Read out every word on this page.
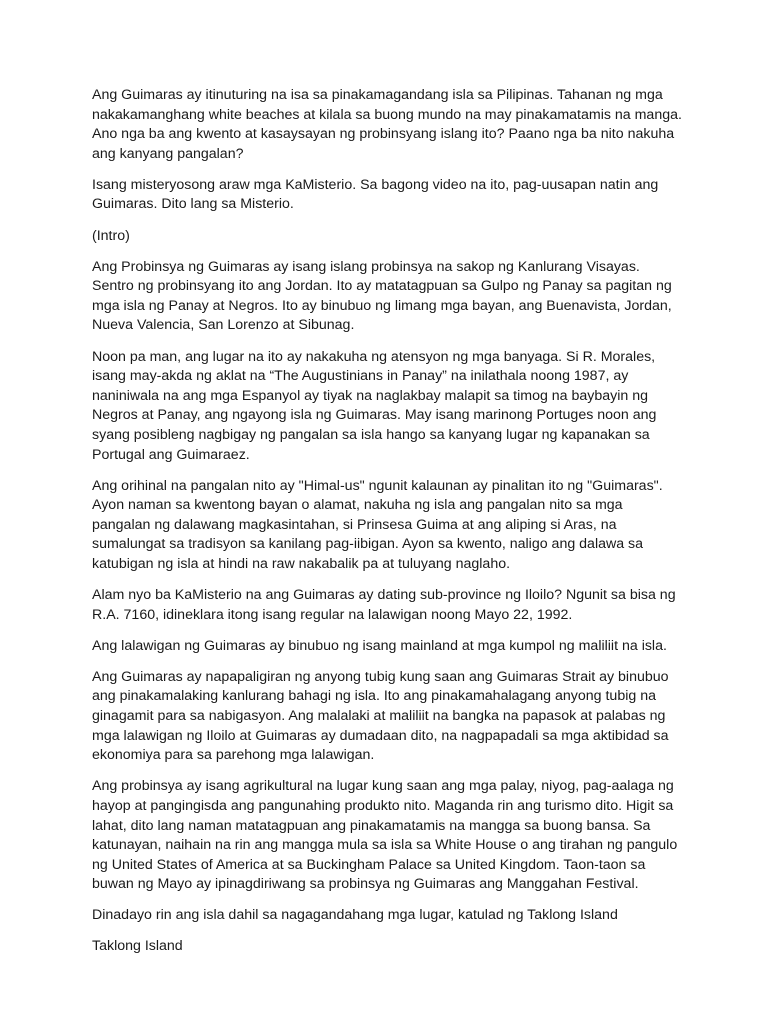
Ang Guimaras ay itinuturing na isa sa pinakamagandang isla sa Pilipinas. Tahanan ng mga nakakamanghang white beaches at kilala sa buong mundo na may pinakamatamis na manga. Ano nga ba ang kwento at kasaysayan ng probinsyang islang ito? Paano nga ba nito nakuha ang kanyang pangalan?

Isang misteryosong araw mga KaMisterio. Sa bagong video na ito, pag-uusapan natin ang Guimaras. Dito lang sa Misterio.

(Intro)

Ang Probinsya ng Guimaras ay isang islang probinsya na sakop ng Kanlurang Visayas. Sentro ng probinsyang ito ang Jordan. Ito ay matatagpuan sa Gulpo ng Panay sa pagitan ng mga isla ng Panay at Negros. Ito ay binubuo ng limang mga bayan, ang Buenavista, Jordan, Nueva Valencia, San Lorenzo at Sibunag.

Noon pa man, ang lugar na ito ay nakakuha ng atensyon ng mga banyaga. Si R. Morales, isang may-akda ng aklat na “The Augustinians in Panay” na inilathala noong 1987, ay naniniwala na ang mga Espanyol ay tiyak na naglakbay malapit sa timog na baybayin ng Negros at Panay, ang ngayong isla ng Guimaras. May isang marinong Portuges noon ang syang posibleng nagbigay ng pangalan sa isla hango sa kanyang lugar ng kapanakan sa Portugal ang Guimaraez.

Ang orihinal na pangalan nito ay "Himal-us" ngunit kalaunan ay pinalitan ito ng "Guimaras". Ayon naman sa kwentong bayan o alamat, nakuha ng isla ang pangalan nito sa mga pangalan ng dalawang magkasintahan, si Prinsesa Guima at ang aliping si Aras, na sumalungat sa tradisyon sa kanilang pag-iibigan. Ayon sa kwento, naligo ang dalawa sa katubigan ng isla at hindi na raw nakabalik pa at tuluyang naglaho.

Alam nyo ba KaMisterio na ang Guimaras ay dating sub-province ng Iloilo? Ngunit sa bisa ng R.A. 7160, idineklara itong isang regular na lalawigan noong Mayo 22, 1992.

Ang lalawigan ng Guimaras ay binubuo ng isang mainland at mga kumpol ng maliliit na isla.

Ang Guimaras ay napapaligiran ng anyong tubig kung saan ang Guimaras Strait ay binubuo ang pinakamalaking kanlurang bahagi ng isla. Ito ang pinakamahalagang anyong tubig na ginagamit para sa nabigasyon. Ang malalaki at maliliit na bangka na papasok at palabas ng mga lalawigan ng Iloilo at Guimaras ay dumadaan dito, na nagpapadali sa mga aktibidad sa ekonomiya para sa parehong mga lalawigan.

Ang probinsya ay isang agrikultural na lugar kung saan ang mga palay, niyog, pag-aalaga ng hayop at pangingisda ang pangunahing produkto nito. Maganda rin ang turismo dito. Higit sa lahat, dito lang naman matatagpuan ang pinakamatamis na mangga sa buong bansa. Sa katunayan, naihain na rin ang mangga mula sa isla sa White House o ang tirahan ng pangulo ng United States of America at sa Buckingham Palace sa United Kingdom. Taon-taon sa buwan ng Mayo ay ipinagdiriwang sa probinsya ng Guimaras ang Manggahan Festival.

Dinadayo rin ang isla dahil sa nagagandahang mga lugar, katulad ng Taklong Island

Taklong Island
